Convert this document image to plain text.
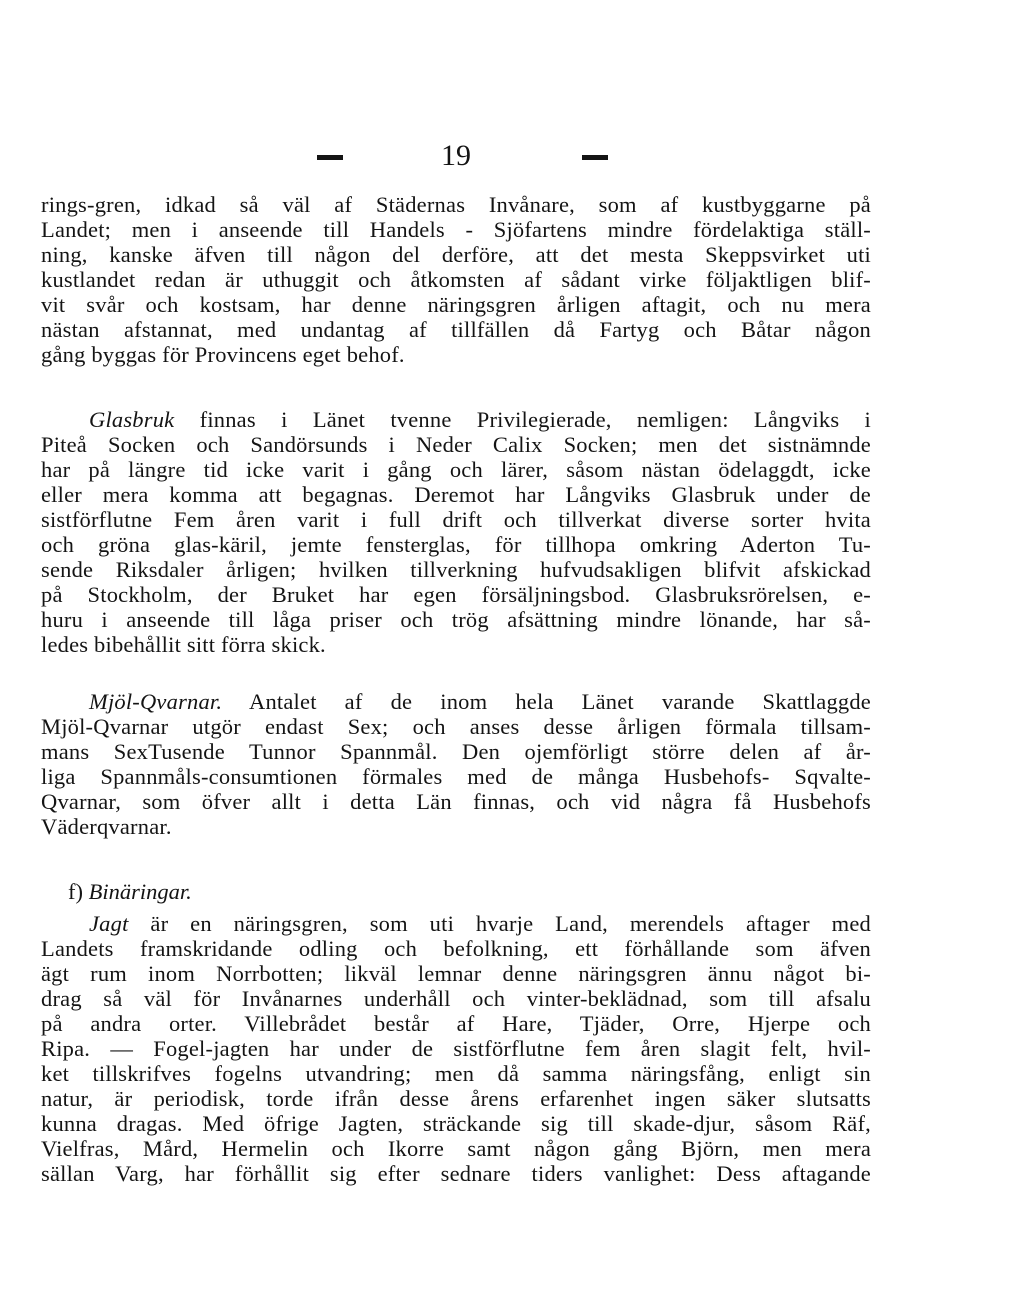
19
rings-gren, idkad så väl af Städernas Invånare, som af kustbyggarne på
Landet; men i anseende till Handels - Sjöfartens mindre fördelaktiga ställ-
ning, kanske äfven till någon del derföre, att det mesta Skeppsvirket uti
kustlandet redan är uthuggit och åtkomsten af sådant virke följaktligen blif-
vit svår och kostsam, har denne näringsgren årligen aftagit, och nu mera
nästan afstannat, med undantag af tillfällen då Fartyg och Båtar någon
gång byggas för Provincens eget behof.
Glasbruk finnas i Länet tvenne Privilegierade, nemligen: Långviks i
Piteå Socken och Sandörsunds i Neder Calix Socken; men det sistnämnde
har på längre tid icke varit i gång och lärer, såsom nästan ödelaggdt, icke
eller mera komma att begagnas. Deremot har Långviks Glasbruk under de
sistförflutne Fem åren varit i full drift och tillverkat diverse sorter hvita
och gröna glas-käril, jemte fensterglas, för tillhopa omkring Aderton Tu-
sende Riksdaler årligen; hvilken tillverkning hufvudsakligen blifvit afskickad
på Stockholm, der Bruket har egen försäljningsbod. Glasbruksrörelsen, e-
huru i anseende till låga priser och trög afsättning mindre lönande, har så-
ledes bibehållit sitt förra skick.
Mjöl-Qvarnar. Antalet af de inom hela Länet varande Skattlaggde
Mjöl-Qvarnar utgör endast Sex; och anses desse årligen förmala tillsam-
mans SexTusende Tunnor Spannmål. Den ojemförligt större delen af år-
liga Spannmåls-consumtionen förmales med de många Husbehofs- Sqvalte-
Qvarnar, som öfver allt i detta Län finnas, och vid några få Husbehofs
Väderqvarnar.
f) Binäringar.
Jagt är en näringsgren, som uti hvarje Land, merendels aftager med
Landets framskridande odling och befolkning, ett förhållande som äfven
ägt rum inom Norrbotten; likväl lemnar denne näringsgren ännu något bi-
drag så väl för Invånarnes underhåll och vinter-beklädnad, som till afsalu
på andra orter. Villebrådet består af Hare, Tjäder, Orre, Hjerpe och
Ripa. — Fogel-jagten har under de sistförflutne fem åren slagit felt, hvil-
ket tillskrifves fogelns utvandring; men då samma näringsfång, enligt sin
natur, är periodisk, torde ifrån desse årens erfarenhet ingen säker slutsatts
kunna dragas. Med öfrige Jagten, sträckande sig till skade-djur, såsom Räf,
Vielfras, Mård, Hermelin och Ikorre samt någon gång Björn, men mera
sällan Varg, har förhållit sig efter sednare tiders vanlighet: Dess aftagande
